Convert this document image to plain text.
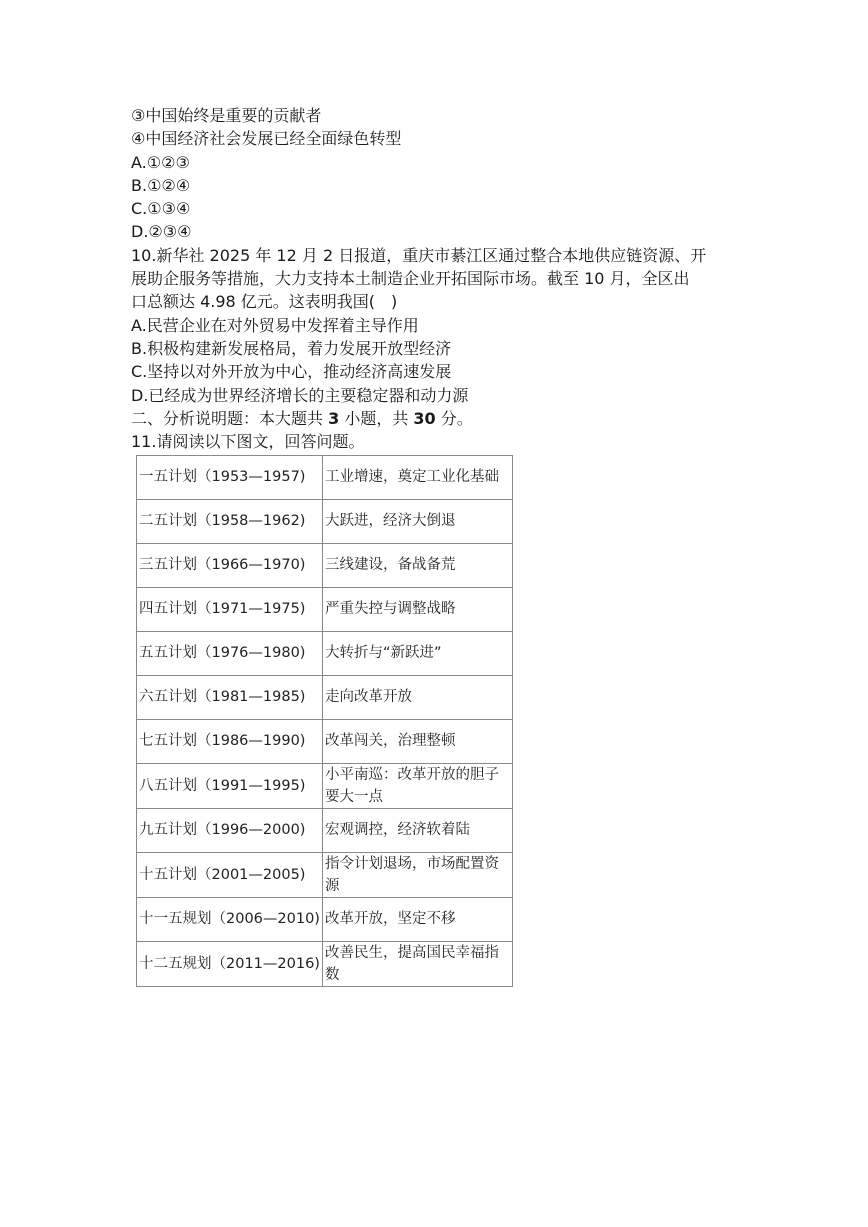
③中国始终是重要的贡献者
④中国经济社会发展已经全面绿色转型
A.①②③
B.①②④
C.①③④
D.②③④
10.新华社 2025 年 12 月 2 日报道，重庆市綦江区通过整合本地供应链资源、开
展助企服务等措施，大力支持本土制造企业开拓国际市场。截至 10 月，全区出
口总额达 4.98 亿元。这表明我国(　)
A.民营企业在对外贸易中发挥着主导作用
B.积极构建新发展格局，着力发展开放型经济
C.坚持以对外开放为中心，推动经济高速发展
D.已经成为世界经济增长的主要稳定器和动力源
二、分析说明题：本大题共 3 小题，共 30 分。
11.请阅读以下图文，回答问题。
一五计划（1953—1957)	工业增速，奠定工业化基础
二五计划（1958—1962)	大跃进，经济大倒退
三五计划（1966—1970)	三线建设，备战备荒
四五计划（1971—1975)	严重失控与调整战略
五五计划（1976—1980)	大转折与“新跃进”
六五计划（1981—1985)	走向改革开放
七五计划（1986—1990)	改革闯关，治理整顿
八五计划（1991—1995)	小平南巡：改革开放的胆子要大一点
九五计划（1996—2000)	宏观调控，经济软着陆
十五计划（2001—2005)	指令计划退场，市场配置资源
十一五规划（2006—2010)	改革开放，坚定不移
十二五规划（2011—2016)	改善民生，提高国民幸福指数
